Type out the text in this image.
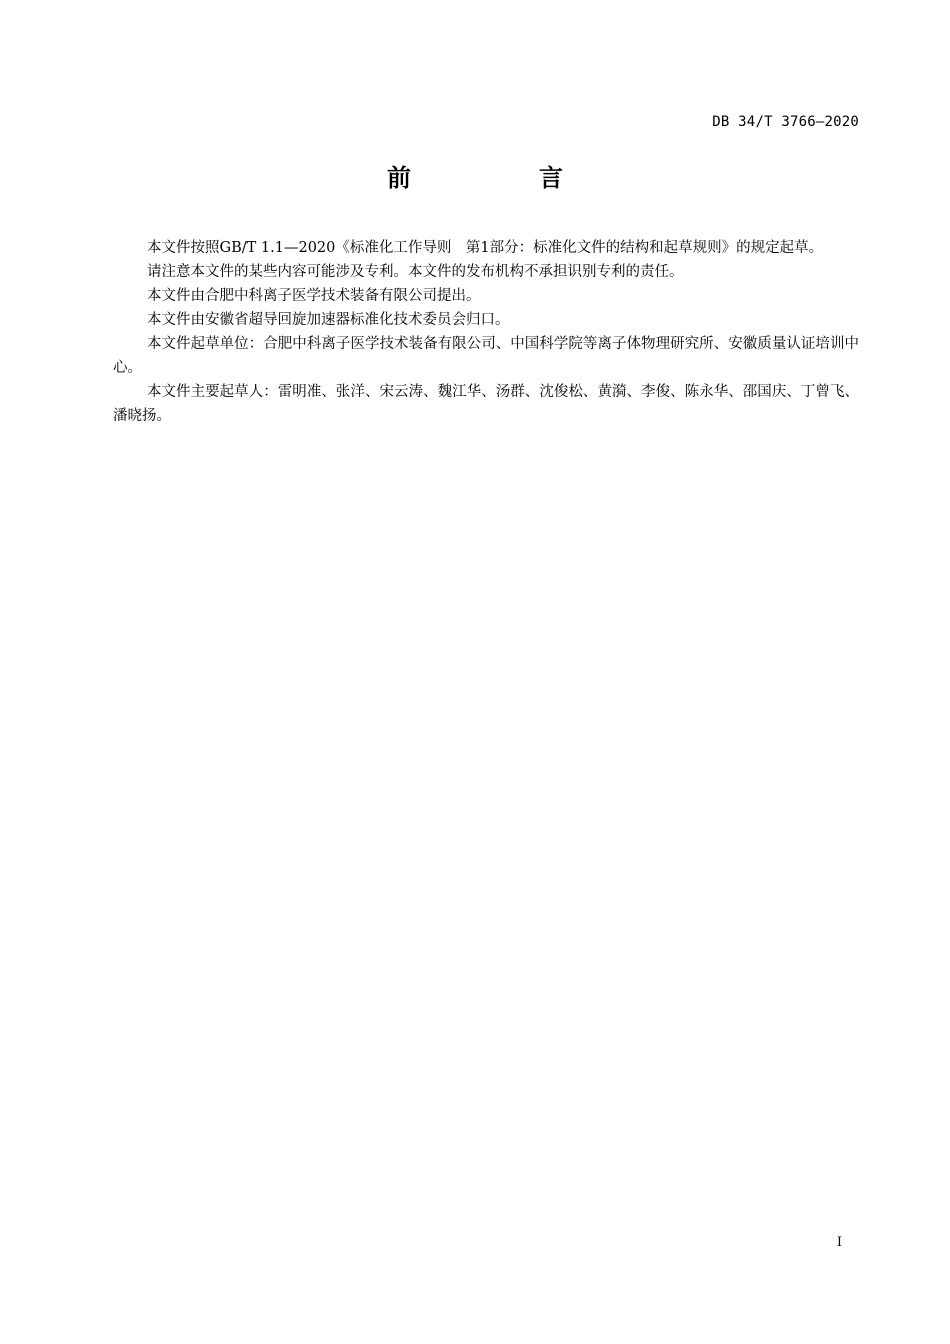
DB 34/T 3766—2020
前　言

本文件按照GB/T 1.1—2020《标准化工作导则　第1部分：标准化文件的结构和起草规则》的规定起草。

请注意本文件的某些内容可能涉及专利。本文件的发布机构不承担识别专利的责任。

本文件由合肥中科离子医学技术装备有限公司提出。

本文件由安徽省超导回旋加速器标准化技术委员会归口。

本文件起草单位：合肥中科离子医学技术装备有限公司、中国科学院等离子体物理研究所、安徽质量认证培训中心。

本文件主要起草人：雷明准、张洋、宋云涛、魏江华、汤群、沈俊松、黄漪、李俊、陈永华、邵国庆、丁曾飞、潘晓扬。

I
